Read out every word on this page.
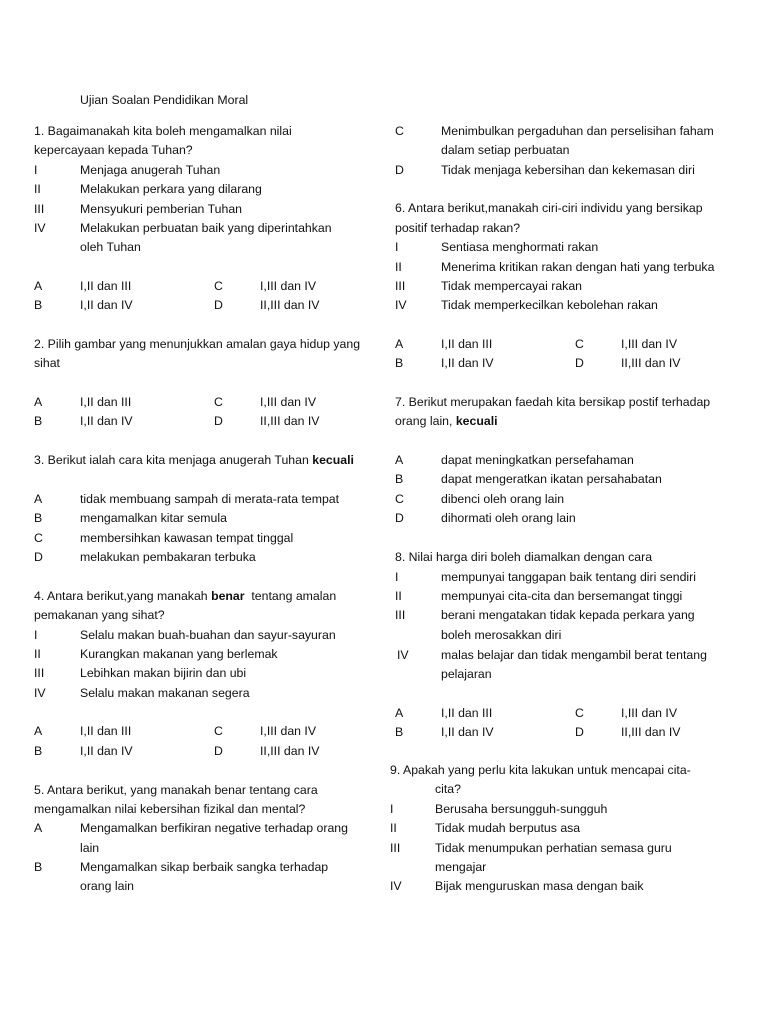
Ujian Soalan Pendidikan Moral
1. Bagaimanakah kita boleh mengamalkan nilai
kepercayaan kepada Tuhan?
I	Menjaga anugerah Tuhan
II	Melakukan perkara yang dilarang
III	Mensyukuri pemberian Tuhan
IV	Melakukan perbuatan baik yang diperintahkan
oleh Tuhan
A	I,II dan III	C	I,III dan IV
B	I,II dan IV	D	II,III dan IV
2. Pilih gambar yang menunjukkan amalan gaya hidup yang
sihat
A	I,II dan III	C	I,III dan IV
B	I,II dan IV	D	II,III dan IV
3. Berikut ialah cara kita menjaga anugerah Tuhan kecuali
A	tidak membuang sampah di merata-rata tempat
B	mengamalkan kitar semula
C	membersihkan kawasan tempat tinggal
D	melakukan pembakaran terbuka
4. Antara berikut,yang manakah benar  tentang amalan
pemakanan yang sihat?
I	Selalu makan buah-buahan dan sayur-sayuran
II	Kurangkan makanan yang berlemak
III	Lebihkan makan bijirin dan ubi
IV	Selalu makan makanan segera
A	I,II dan III	C	I,III dan IV
B	I,II dan IV	D	II,III dan IV
5. Antara berikut, yang manakah benar tentang cara
mengamalkan nilai kebersihan fizikal dan mental?
A	Mengamalkan berfikiran negative terhadap orang
lain
B	Mengamalkan sikap berbaik sangka terhadap
orang lain
C	Menimbulkan pergaduhan dan perselisihan faham
dalam setiap perbuatan
D	Tidak menjaga kebersihan dan kekemasan diri
6. Antara berikut,manakah ciri-ciri individu yang bersikap
positif terhadap rakan?
I	Sentiasa menghormati rakan
II	Menerima kritikan rakan dengan hati yang terbuka
III	Tidak mempercayai rakan
IV	Tidak memperkecilkan kebolehan rakan
A	I,II dan III	C	I,III dan IV
B	I,II dan IV	D	II,III dan IV
7. Berikut merupakan faedah kita bersikap postif terhadap
orang lain, kecuali
A	dapat meningkatkan persefahaman
B	dapat mengeratkan ikatan persahabatan
C	dibenci oleh orang lain
D	dihormati oleh orang lain
8. Nilai harga diri boleh diamalkan dengan cara
I	mempunyai tanggapan baik tentang diri sendiri
II	mempunyai cita-cita dan bersemangat tinggi
III	berani mengatakan tidak kepada perkara yang
boleh merosakkan diri
IV	malas belajar dan tidak mengambil berat tentang
pelajaran
A	I,II dan III	C	I,III dan IV
B	I,II dan IV	D	II,III dan IV
9. Apakah yang perlu kita lakukan untuk mencapai cita-
cita?
I	Berusaha bersungguh-sungguh
II	Tidak mudah berputus asa
III	Tidak menumpukan perhatian semasa guru
mengajar
IV	Bijak menguruskan masa dengan baik
